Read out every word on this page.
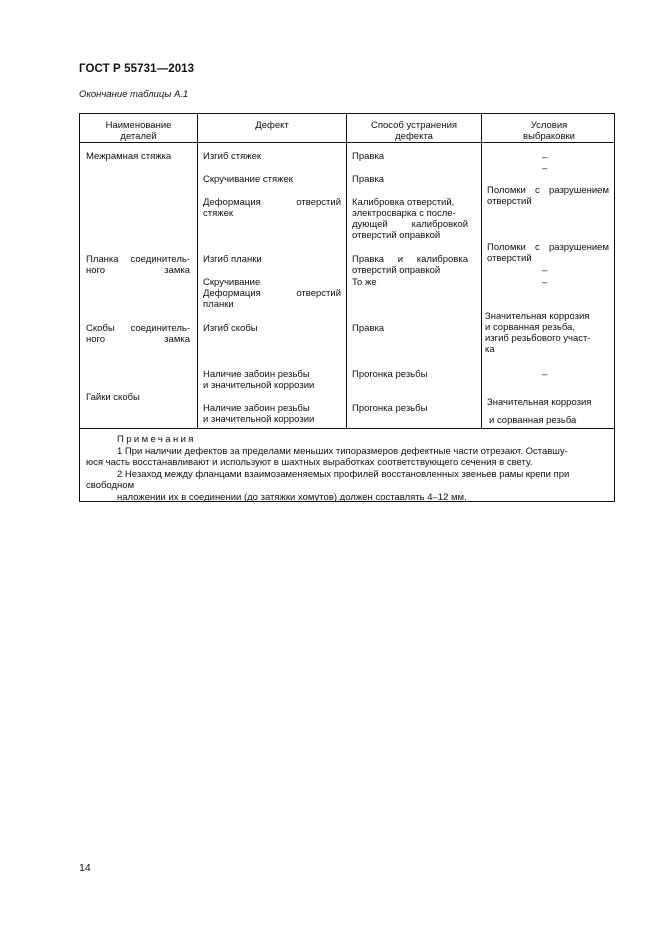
ГОСТ Р 55731—2013
Окончание таблицы А.1
Наименование
деталей
Дефект	Способ устранения
дефекта
Условия
выбраковки
Межрамная стяжка
Планка соединитель-
ного замка
Скобы соединитель-
ного замка
Гайки скобы
Изгиб стяжек
Скручивание стяжек
Деформация отверстий
стяжек
Изгиб планки
Скручивание
Деформация отверстий
планки
Изгиб скобы
Наличие забоин резьбы
и значительной коррозии
Наличие забоин резьбы
и значительной коррозии
Правка
Правка
Калибровка отверстий,
электросварка с после-
дующей калибровкой
отверстий оправкой
Правка и калибровка
отверстий оправкой
То же
Правка
Прогонка резьбы
Прогонка резьбы
–
–
Поломки с разрушением
отверстий
Поломки с разрушением
отверстий
–
–
Значительная коррозия
и сорванная резьба,
изгиб резьбового участ-
ка
–
Значительная коррозия
и сорванная резьба
Примечания
1 При наличии дефектов за пределами меньших типоразмеров дефектные части отрезают. Оставшу-
юся часть восстанавливают и используют в шахтных выработках соответствующего сечения в свету.
2 Незаход между фланцами взаимозаменяемых профилей восстановленных звеньев рамы крепи при
свободном
наложении их в соединении (до затяжки хомутов) должен составлять 4–12 мм.
14
